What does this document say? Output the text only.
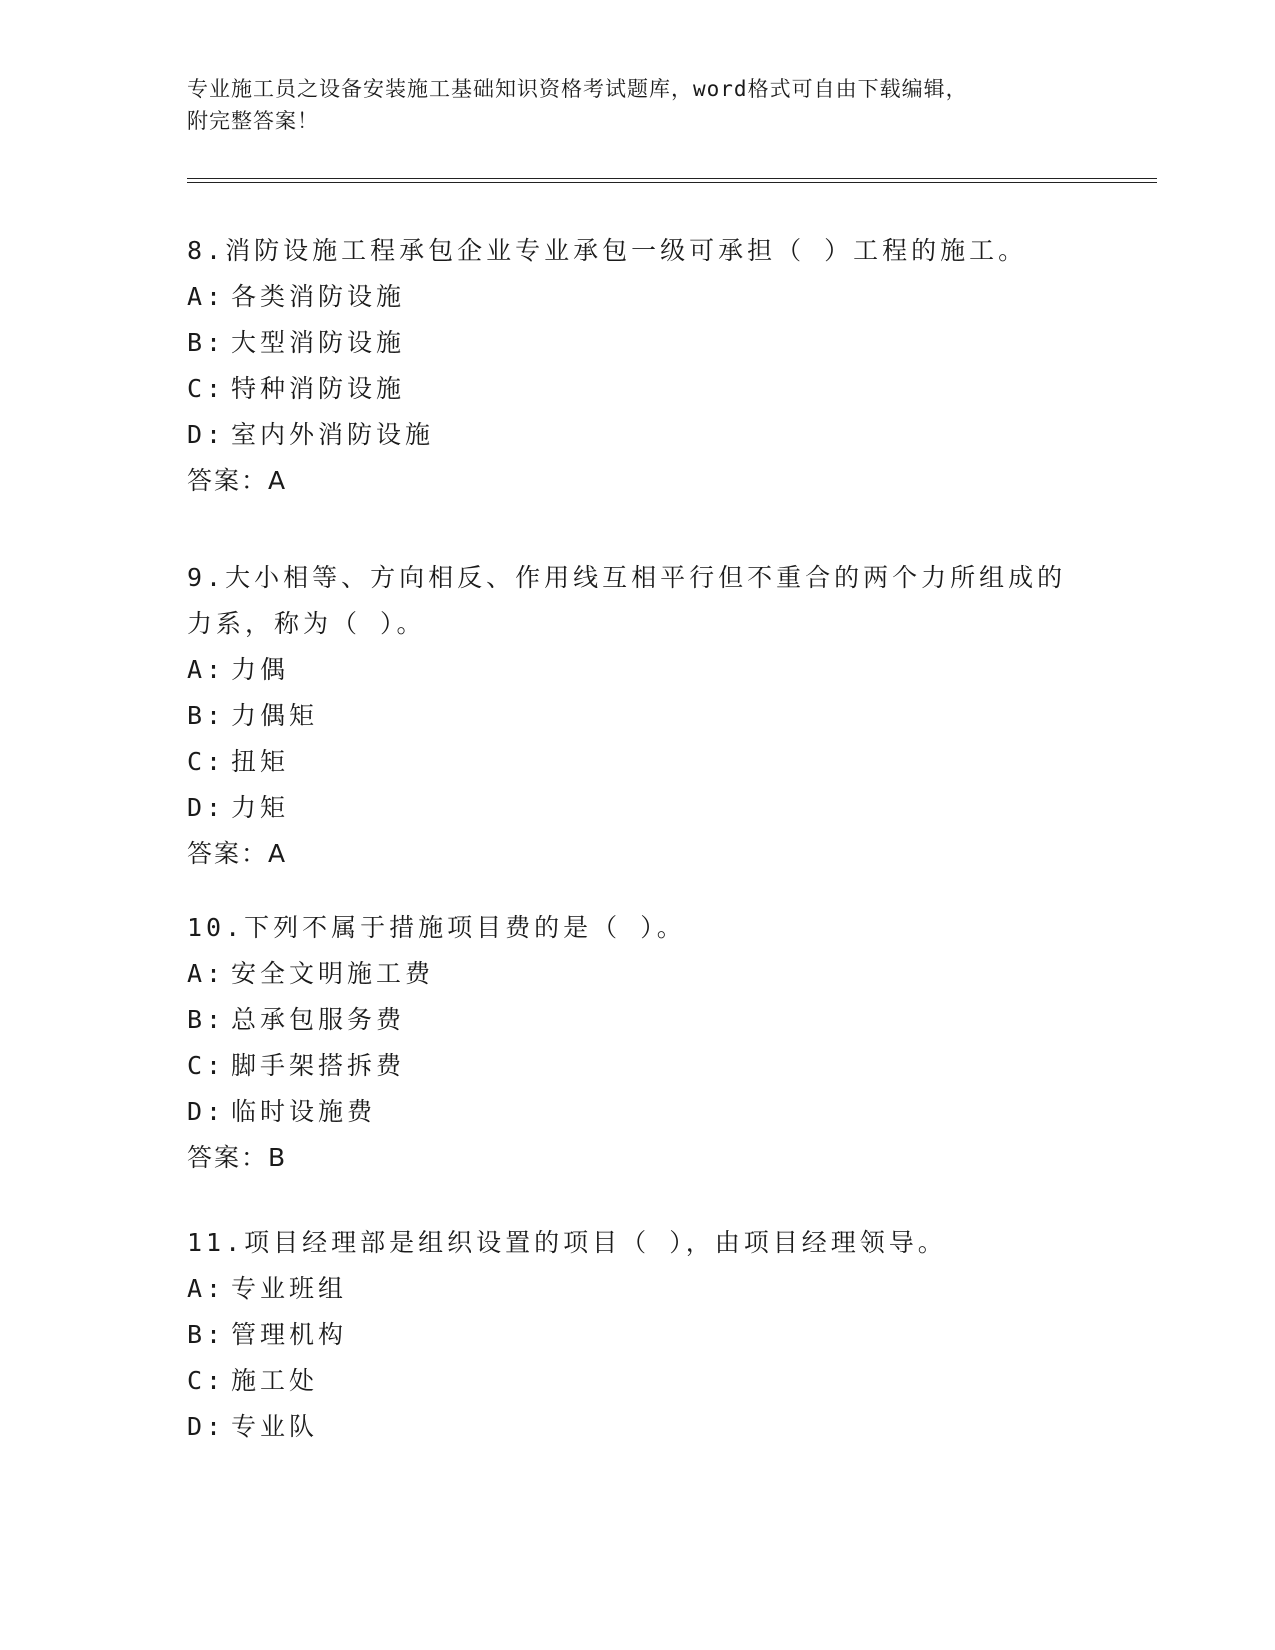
专业施工员之设备安装施工基础知识资格考试题库，word格式可自由下载编辑，
附完整答案！

8.消防设施工程承包企业专业承包一级可承担（ ）工程的施工。

A: 各类消防设施

B: 大型消防设施

C: 特种消防设施

D: 室内外消防设施

答案：A

9.大小相等、方向相反、作用线互相平行但不重合的两个力所组成的

力系，称为（ ）。

A: 力偶

B: 力偶矩

C: 扭矩

D: 力矩

答案：A

10.下列不属于措施项目费的是（ ）。

A: 安全文明施工费

B: 总承包服务费

C: 脚手架搭拆费

D: 临时设施费

答案：B

11.项目经理部是组织设置的项目（ ），由项目经理领导。

A: 专业班组

B: 管理机构

C: 施工处

D: 专业队
